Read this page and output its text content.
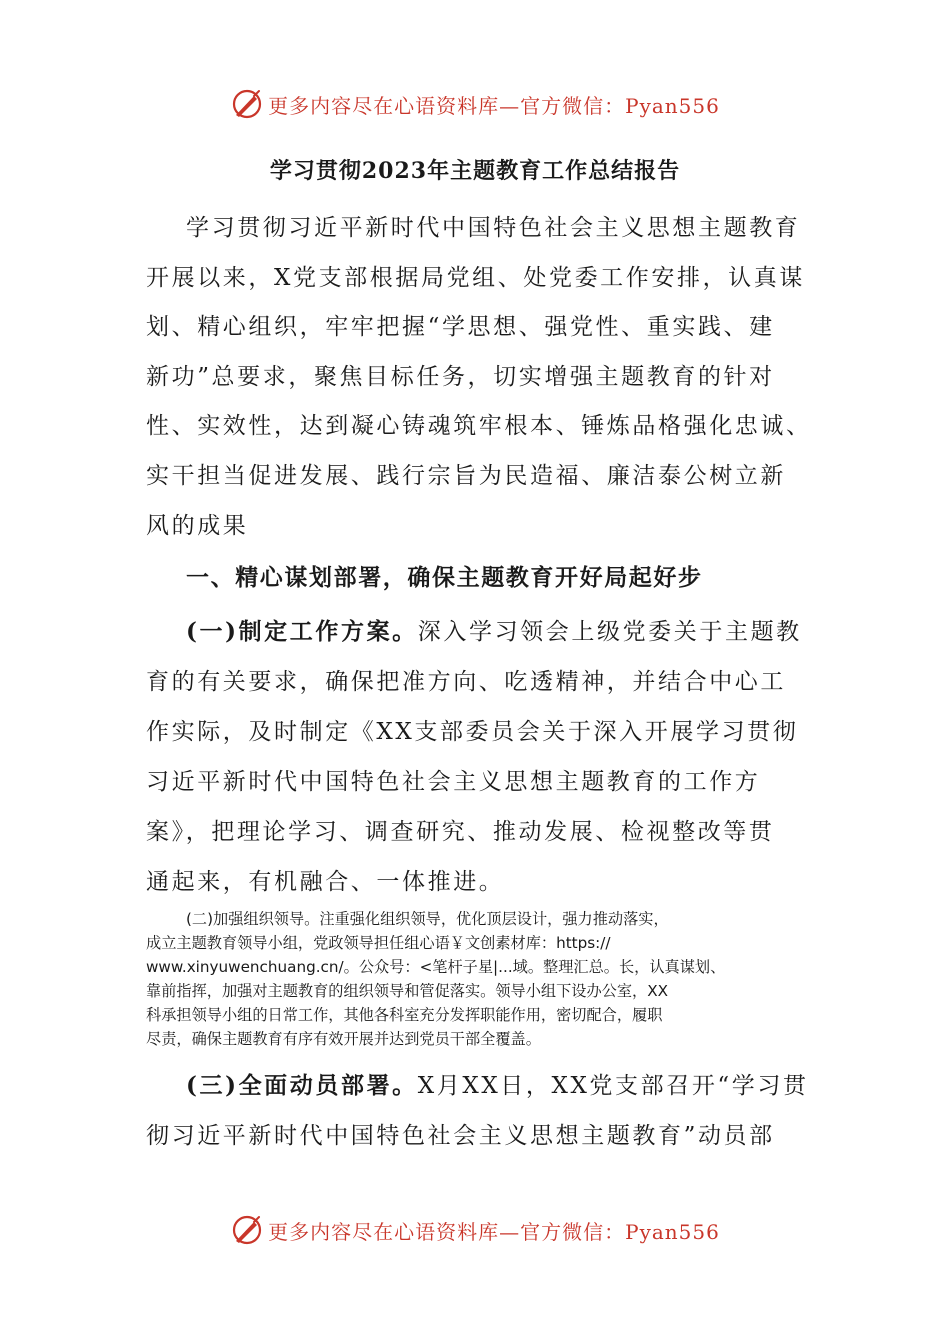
更多内容尽在心语资料库—官方微信：Pyan556
学习贯彻2023年主题教育工作总结报告
学习贯彻习近平新时代中国特色社会主义思想主题教育
开展以来，X党支部根据局党组、处党委工作安排，认真谋
划、精心组织，牢牢把握“学思想、强党性、重实践、建
新功”总要求，聚焦目标任务，切实增强主题教育的针对
性、实效性，达到凝心铸魂筑牢根本、锤炼品格强化忠诚、
实干担当促进发展、践行宗旨为民造福、廉洁泰公树立新
风的成果
一、精心谋划部署，确保主题教育开好局起好步
(一)制定工作方案。深入学习领会上级党委关于主题教
育的有关要求，确保把准方向、吃透精神，并结合中心工
作实际，及时制定《XX支部委员会关于深入开展学习贯彻
习近平新时代中国特色社会主义思想主题教育的工作方
案》，把理论学习、调查研究、推动发展、检视整改等贯
通起来，有机融合、一体推进。
(二)加强组织领导。注重强化组织领导，优化顶层设计，强力推动落实，
成立主题教育领导小组，党政领导担任组心语￥文创素材库：https://
www.xinyuwenchuang.cn/。公众号：<笔杆子星|...域。整理汇总。长，认真谋划、
靠前指挥，加强对主题教育的组织领导和管促落实。领导小组下设办公室，XX
科承担领导小组的日常工作，其他各科室充分发挥职能作用，密切配合，履职
尽责，确保主题教育有序有效开展并达到党员干部全覆盖。
(三)全面动员部署。X月XX日，XX党支部召开“学习贯
彻习近平新时代中国特色社会主义思想主题教育”动员部
更多内容尽在心语资料库—官方微信：Pyan556
